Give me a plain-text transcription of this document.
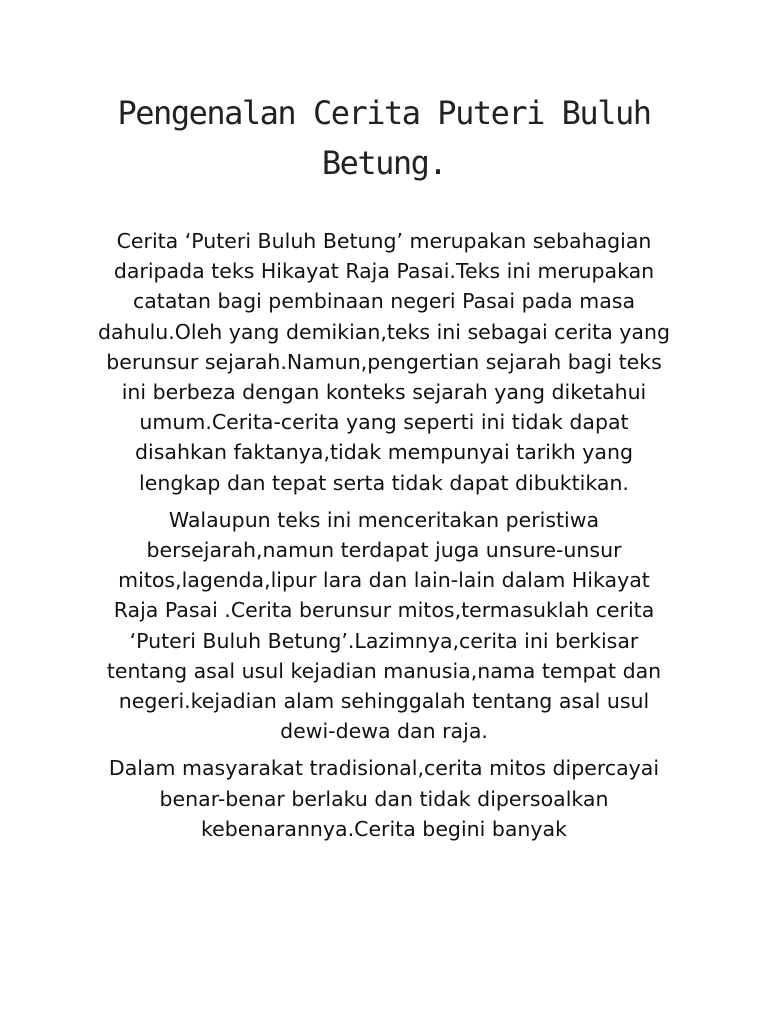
Pengenalan Cerita Puteri Buluh Betung.

Cerita ‘Puteri Buluh Betung’ merupakan sebahagian daripada teks Hikayat Raja Pasai.Teks ini merupakan catatan bagi pembinaan negeri Pasai pada masa dahulu.Oleh yang demikian,teks ini sebagai cerita yang berunsur sejarah.Namun,pengertian sejarah bagi teks ini berbeza dengan konteks sejarah yang diketahui umum.Cerita-cerita yang seperti ini tidak dapat disahkan faktanya,tidak mempunyai tarikh yang lengkap dan tepat serta tidak dapat dibuktikan.

Walaupun teks ini menceritakan peristiwa bersejarah,namun terdapat juga unsure-unsur mitos,lagenda,lipur lara dan lain-lain dalam Hikayat Raja Pasai .Cerita berunsur mitos,termasuklah cerita ‘Puteri Buluh Betung’.Lazimnya,cerita ini berkisar tentang asal usul kejadian manusia,nama tempat dan negeri.kejadian alam sehinggalah tentang asal usul dewi-dewa dan raja.

Dalam masyarakat tradisional,cerita mitos dipercayai benar-benar berlaku dan tidak dipersoalkan kebenarannya.Cerita begini banyak
